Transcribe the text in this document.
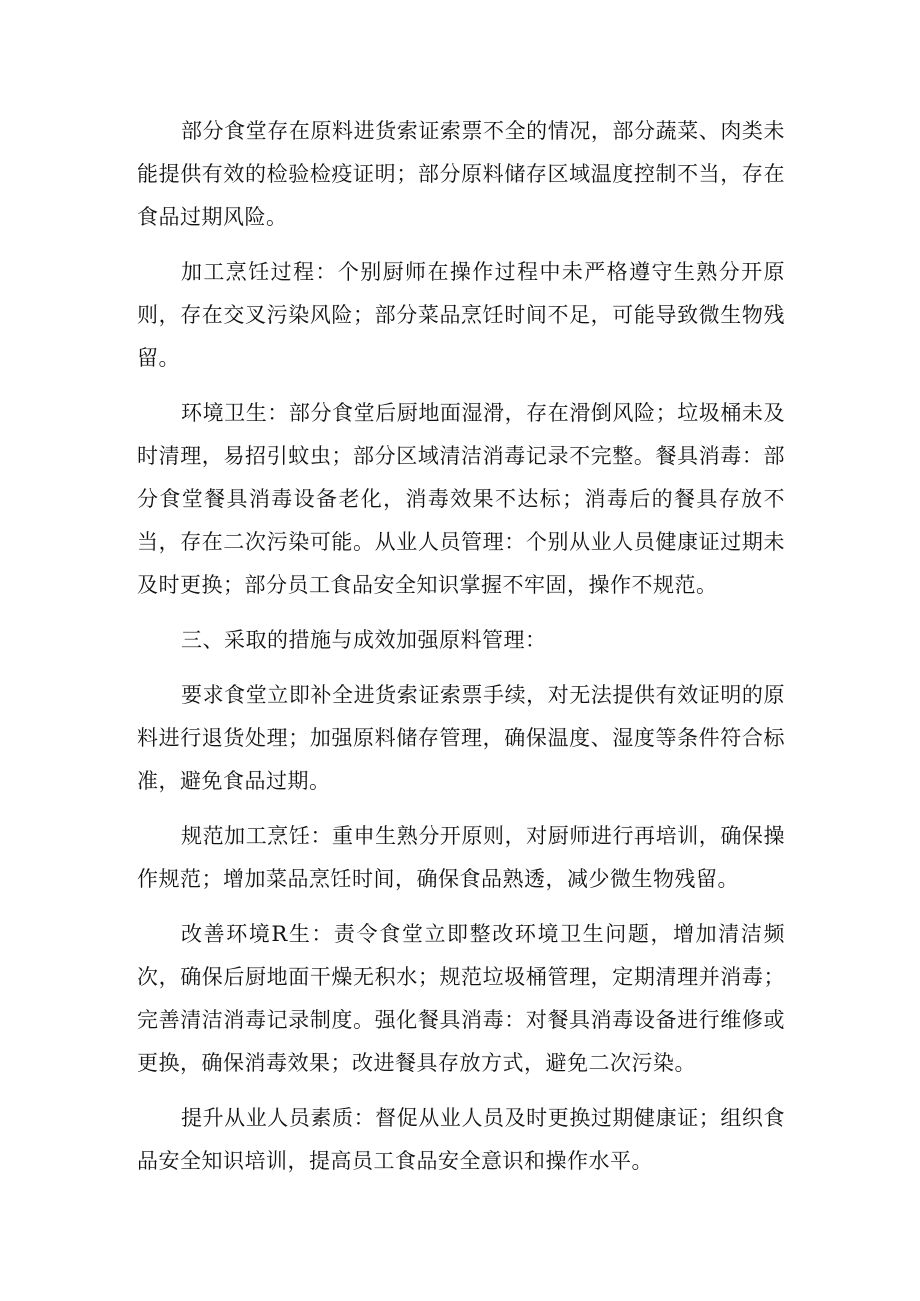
部分食堂存在原料进货索证索票不全的情况，部分蔬菜、肉类未能提供有效的检验检疫证明；部分原料储存区域温度控制不当，存在食品过期风险。

加工烹饪过程：个别厨师在操作过程中未严格遵守生熟分开原则，存在交叉污染风险；部分菜品烹饪时间不足，可能导致微生物残留。

环境卫生：部分食堂后厨地面湿滑，存在滑倒风险；垃圾桶未及时清理，易招引蚊虫；部分区域清洁消毒记录不完整。餐具消毒：部分食堂餐具消毒设备老化，消毒效果不达标；消毒后的餐具存放不当，存在二次污染可能。从业人员管理：个别从业人员健康证过期未及时更换；部分员工食品安全知识掌握不牢固，操作不规范。

三、采取的措施与成效加强原料管理：

要求食堂立即补全进货索证索票手续，对无法提供有效证明的原料进行退货处理；加强原料储存管理，确保温度、湿度等条件符合标准，避免食品过期。

规范加工烹饪：重申生熟分开原则，对厨师进行再培训，确保操作规范；增加菜品烹饪时间，确保食品熟透，减少微生物残留。

改善环境R生：责令食堂立即整改环境卫生问题，增加清洁频次，确保后厨地面干燥无积水；规范垃圾桶管理，定期清理并消毒；完善清洁消毒记录制度。强化餐具消毒：对餐具消毒设备进行维修或更换，确保消毒效果；改进餐具存放方式，避免二次污染。

提升从业人员素质：督促从业人员及时更换过期健康证；组织食品安全知识培训，提高员工食品安全意识和操作水平。
